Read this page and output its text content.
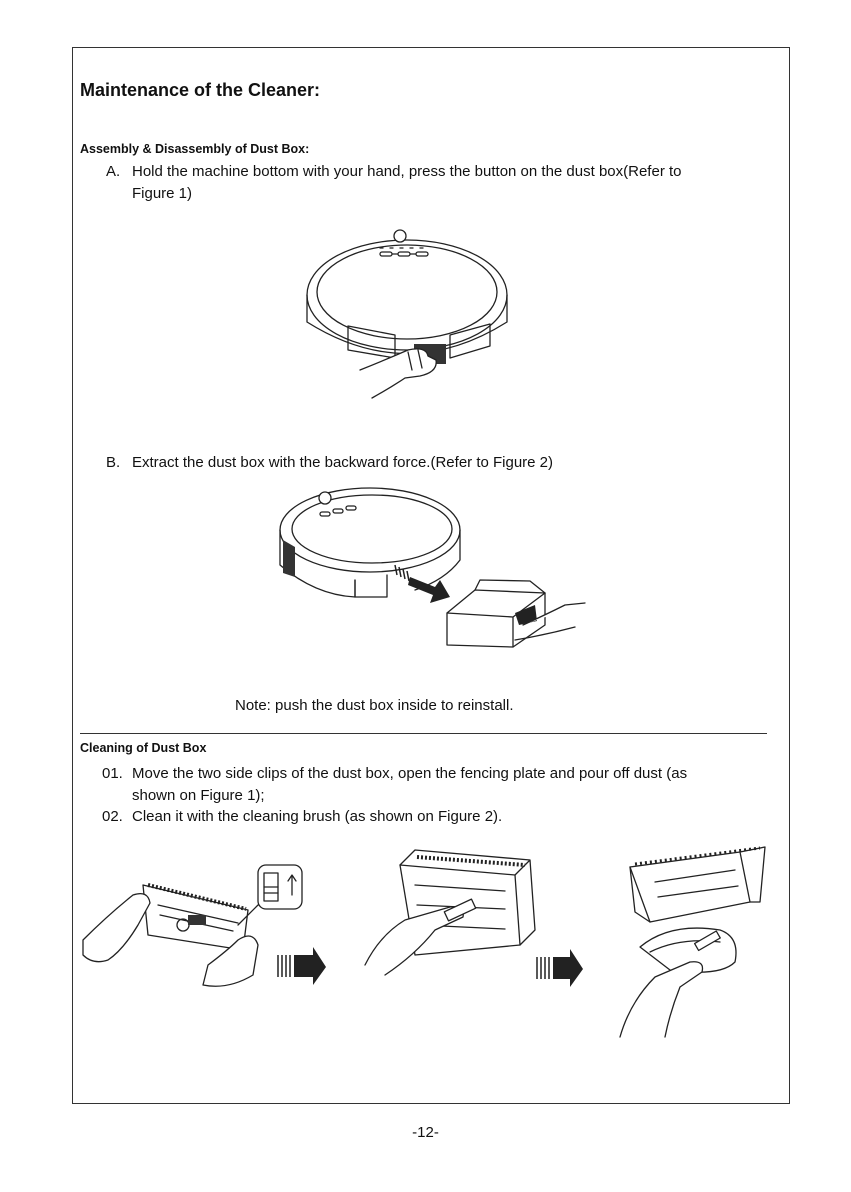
Maintenance of the Cleaner:
Assembly & Disassembly of Dust Box:
A. Hold the machine bottom with your hand, press the button on the dust box(Refer to
Figure 1)
B. Extract the dust box with the backward force.(Refer to Figure 2)
Note: push the dust box inside to reinstall.
Cleaning of Dust Box
01. Move the two side clips of the dust box, open the fencing plate and pour off dust (as
shown on Figure 1);
02. Clean it with the cleaning brush (as shown on Figure 2).
-12-
